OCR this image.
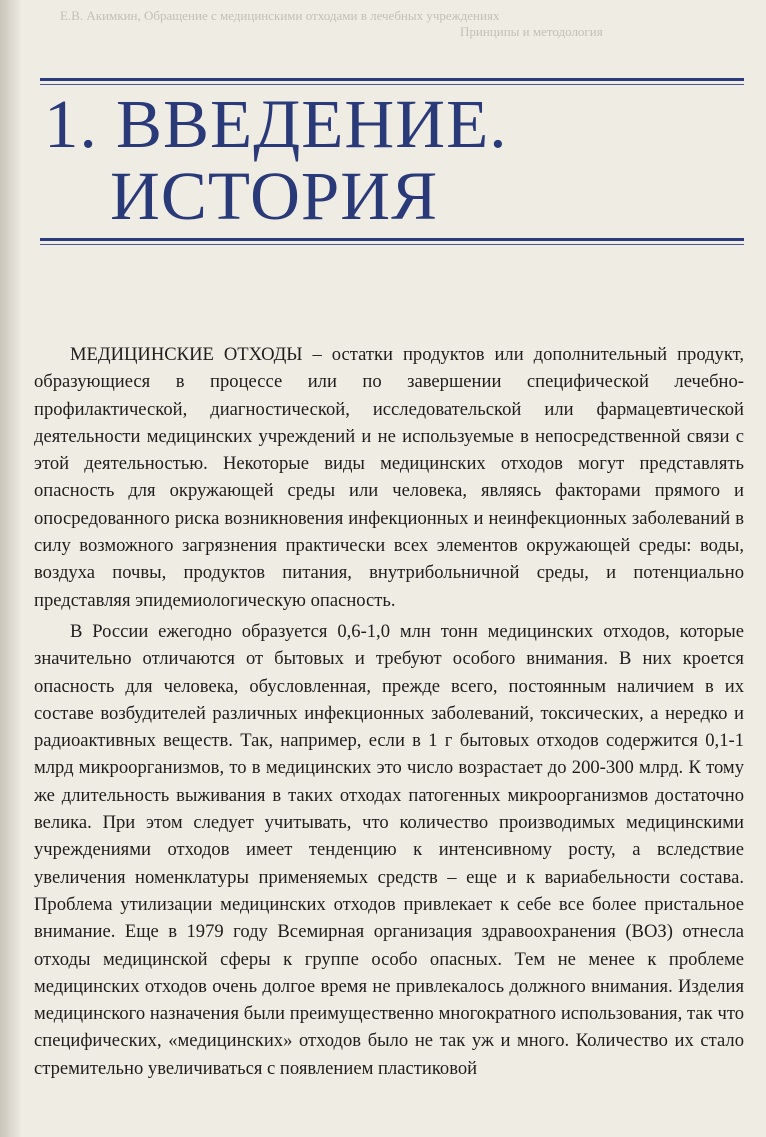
Е.В. Акимкин, Обращение с медицинскими отходами в лечебных учреждениях
Принципы и методология
1. ВВЕДЕНИЕ.
ИСТОРИЯ

МЕДИЦИНСКИЕ ОТХОДЫ – остатки продуктов или дополнительный продукт, образующиеся в процессе или по завершении специфической лечебно-профилактической, диагностической, исследовательской или фармацевтической деятельности медицинских учреждений и не используемые в непосредственной связи с этой деятельностью. Некоторые виды медицинских отходов могут представлять опасность для окружающей среды или человека, являясь факторами прямого и опосредованного риска возникновения инфекционных и неинфекционных заболеваний в силу возможного загрязнения практически всех элементов окружающей среды: воды, воздуха почвы, продуктов питания, внутрибольничной среды, и потенциально представляя эпидемиологическую опасность.

В России ежегодно образуется 0,6-1,0 млн тонн медицинских отходов, которые значительно отличаются от бытовых и требуют особого внимания. В них кроется опасность для человека, обусловленная, прежде всего, постоянным наличием в их составе возбудителей различных инфекционных заболеваний, токсических, а нередко и радиоактивных веществ. Так, например, если в 1 г бытовых отходов содержится 0,1-1 млрд микроорганизмов, то в медицинских это число возрастает до 200-300 млрд. К тому же длительность выживания в таких отходах патогенных микроорганизмов достаточно велика. При этом следует учитывать, что количество производимых медицинскими учреждениями отходов имеет тенденцию к интенсивному росту, а вследствие увеличения номенклатуры применяемых средств – еще и к вариабельности состава. Проблема утилизации медицинских отходов привлекает к себе все более пристальное внимание. Еще в 1979 году Всемирная организация здравоохранения (ВОЗ) отнесла отходы медицинской сферы к группе особо опасных. Тем не менее к проблеме медицинских отходов очень долгое время не привлекалось должного внимания. Изделия медицинского назначения были преимущественно многократного использования, так что специфических, «медицинских» отходов было не так уж и много. Количество их стало стремительно увеличиваться с появлением пластиковой
